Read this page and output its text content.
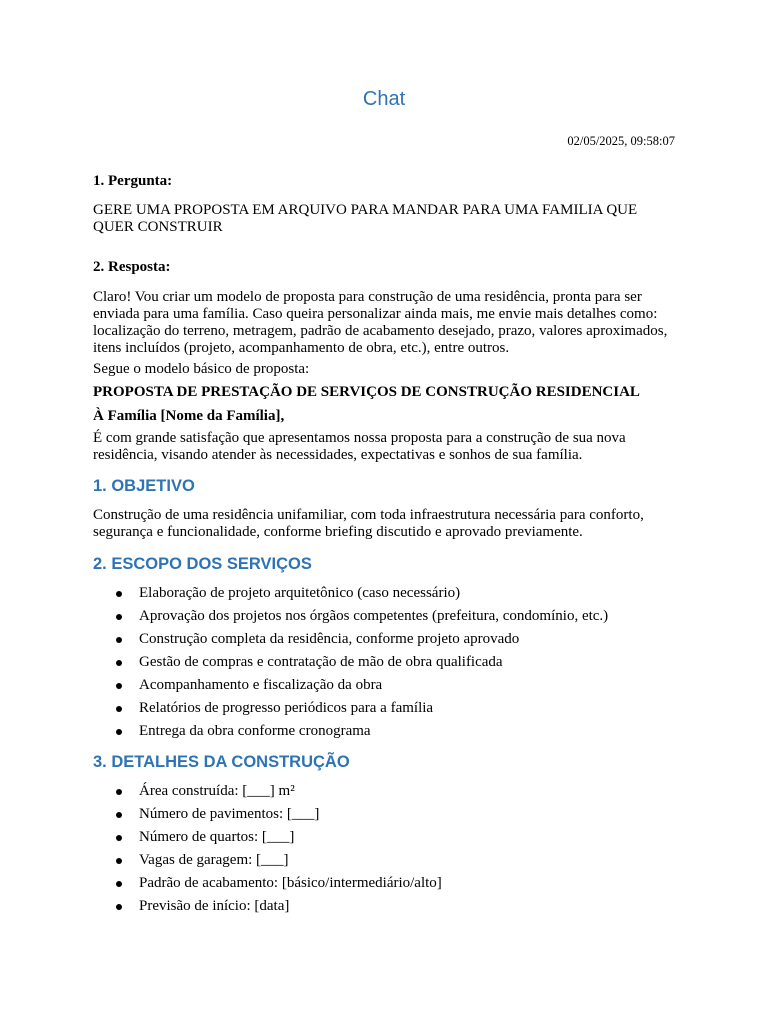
Chat
02/05/2025, 09:58:07
1. Pergunta:
GERE UMA PROPOSTA EM ARQUIVO PARA MANDAR PARA UMA FAMILIA QUE QUER CONSTRUIR
2. Resposta:
Claro! Vou criar um modelo de proposta para construção de uma residência, pronta para ser enviada para uma família. Caso queira personalizar ainda mais, me envie mais detalhes como: localização do terreno, metragem, padrão de acabamento desejado, prazo, valores aproximados, itens incluídos (projeto, acompanhamento de obra, etc.), entre outros.
Segue o modelo básico de proposta:
PROPOSTA DE PRESTAÇÃO DE SERVIÇOS DE CONSTRUÇÃO RESIDENCIAL
À Família [Nome da Família],
É com grande satisfação que apresentamos nossa proposta para a construção de sua nova residência, visando atender às necessidades, expectativas e sonhos de sua família.
1. OBJETIVO
Construção de uma residência unifamiliar, com toda infraestrutura necessária para conforto, segurança e funcionalidade, conforme briefing discutido e aprovado previamente.
2. ESCOPO DOS SERVIÇOS
Elaboração de projeto arquitetônico (caso necessário)
Aprovação dos projetos nos órgãos competentes (prefeitura, condomínio, etc.)
Construção completa da residência, conforme projeto aprovado
Gestão de compras e contratação de mão de obra qualificada
Acompanhamento e fiscalização da obra
Relatórios de progresso periódicos para a família
Entrega da obra conforme cronograma
3. DETALHES DA CONSTRUÇÃO
Área construída: [___] m²
Número de pavimentos: [___]
Número de quartos: [___]
Vagas de garagem: [___]
Padrão de acabamento: [básico/intermediário/alto]
Previsão de início: [data]
